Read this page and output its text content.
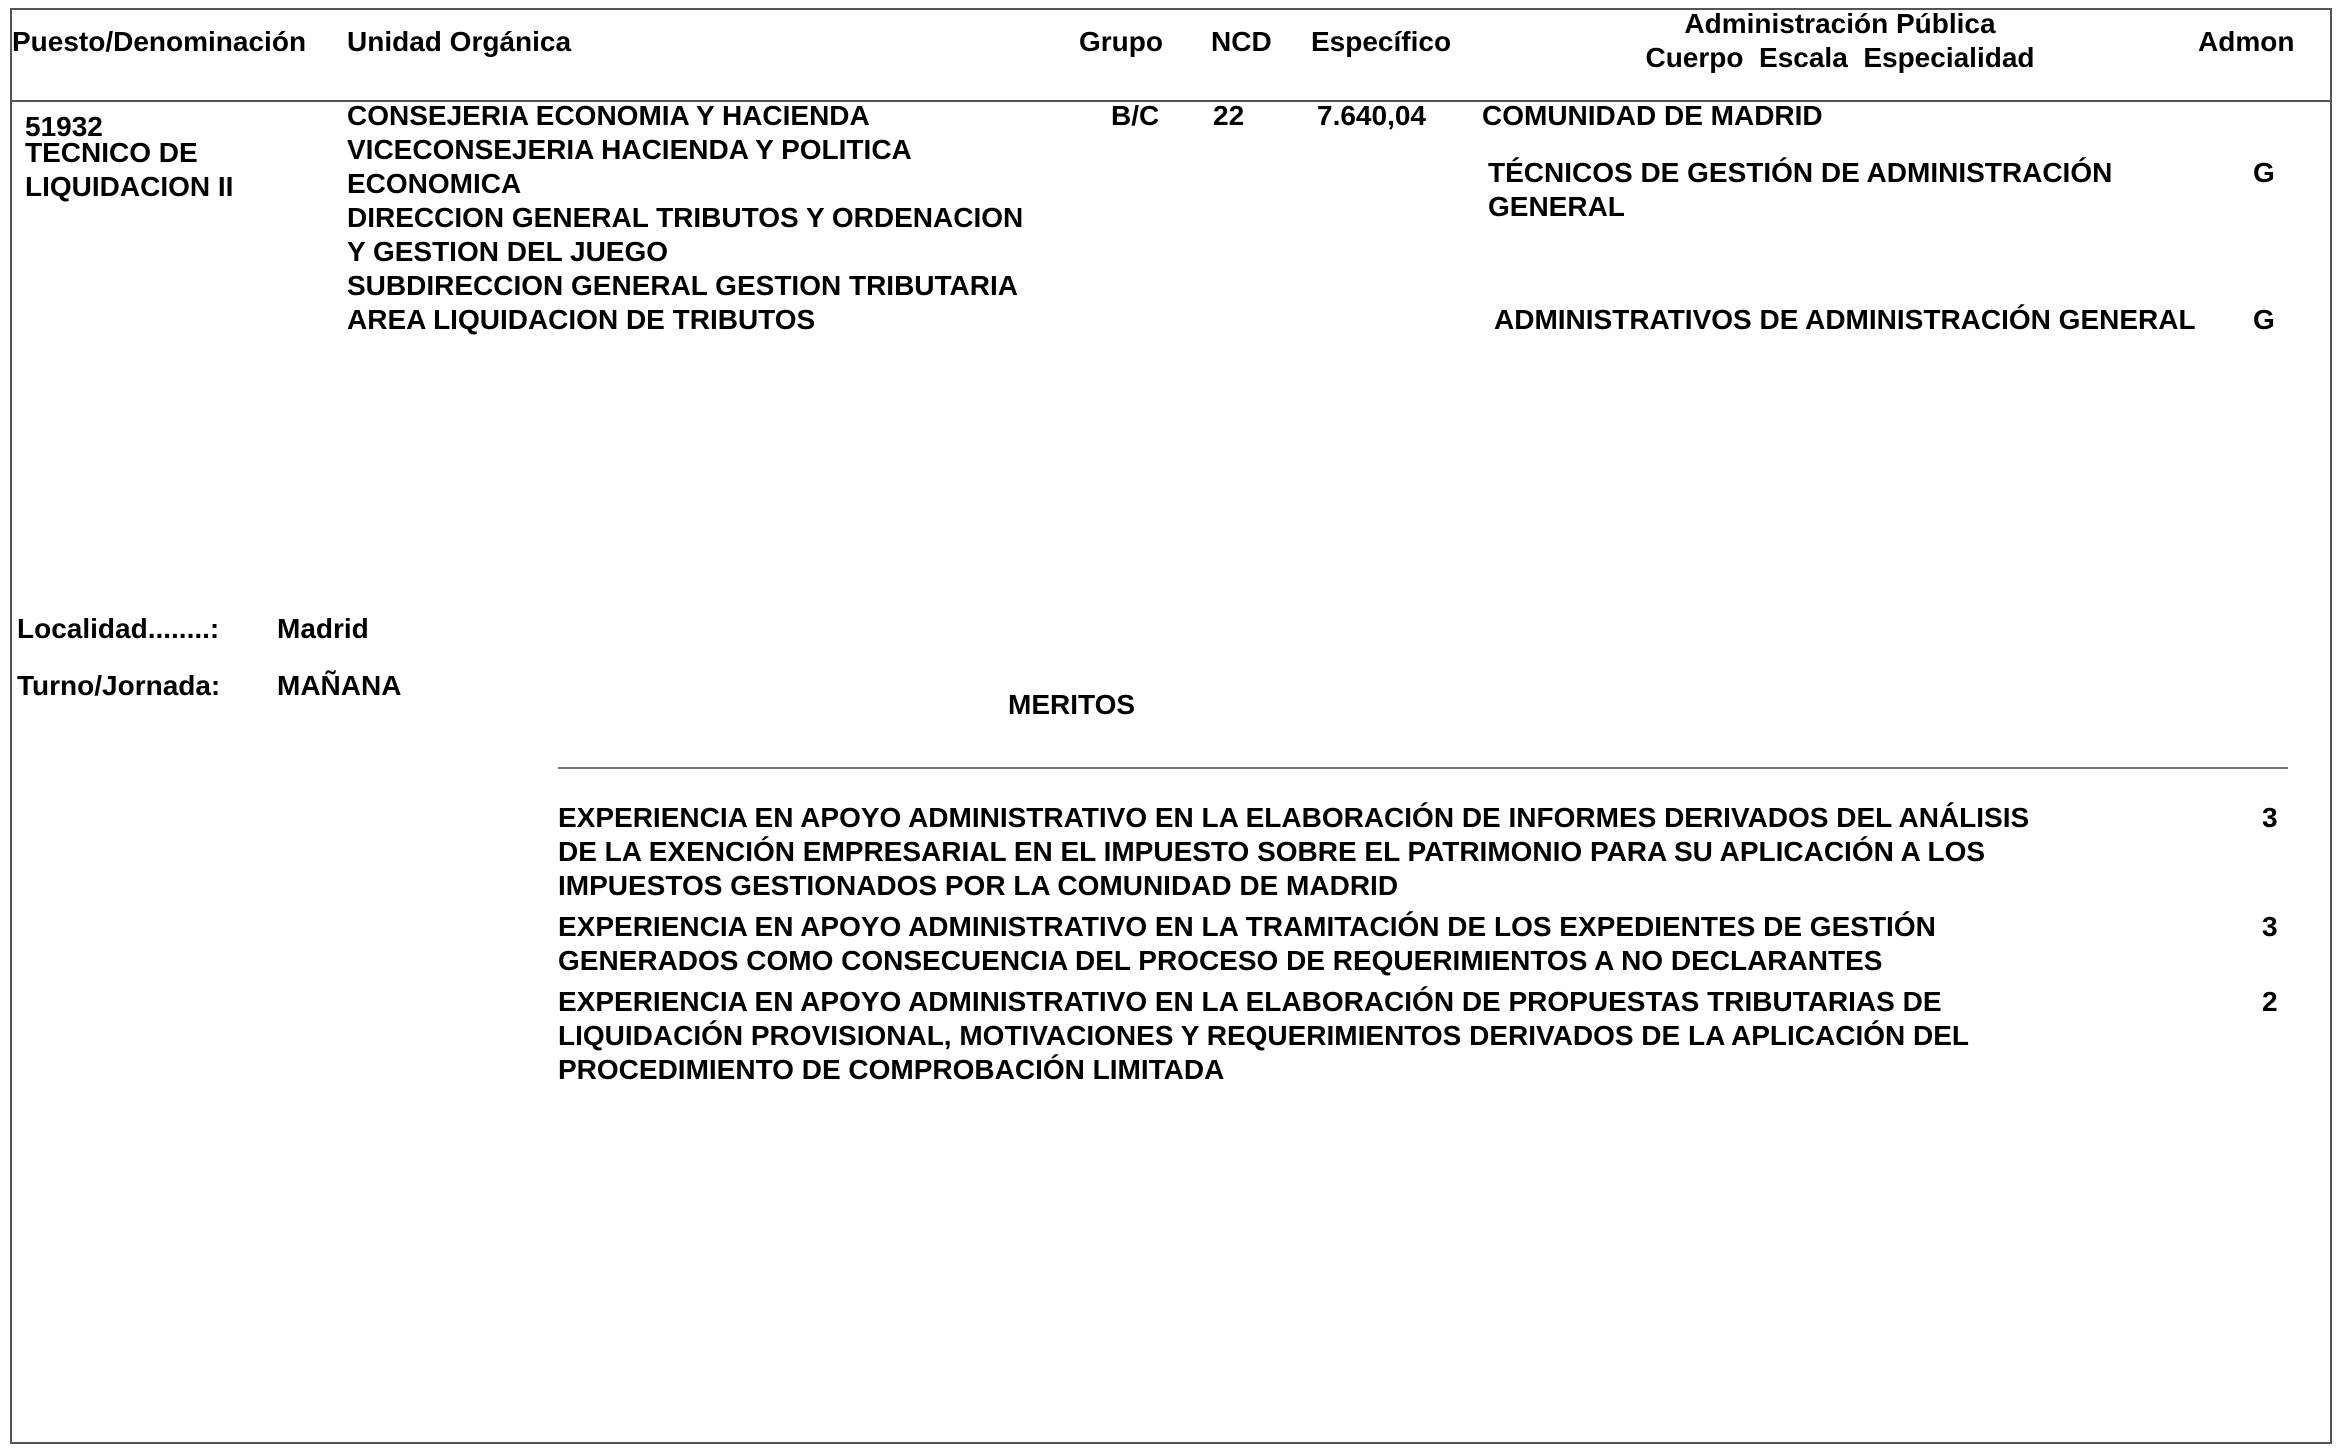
Puesto/Denominación Unidad Orgánica	Grupo NCD Específico
Administración Pública
Cuerpo  Escala  Especialidad
Admon
51932
TECNICO DE
LIQUIDACION II
CONSEJERIA ECONOMIA Y HACIENDA
VICECONSEJERIA HACIENDA Y POLITICA
ECONOMICA
DIRECCION GENERAL TRIBUTOS Y ORDENACION
Y GESTION DEL JUEGO
SUBDIRECCION GENERAL GESTION TRIBUTARIA
AREA LIQUIDACION DE TRIBUTOS
B/C 22	7.640,04 COMUNIDAD DE MADRID
TÉCNICOS DE GESTIÓN DE ADMINISTRACIÓN
GENERAL
G
ADMINISTRATIVOS DE ADMINISTRACIÓN GENERAL G
Localidad........: Madrid
Turno/Jornada: MAÑANA
MERITOS
EXPERIENCIA EN APOYO ADMINISTRATIVO EN LA ELABORACIÓN DE INFORMES DERIVADOS DEL ANÁLISIS
DE LA EXENCIÓN EMPRESARIAL EN EL IMPUESTO SOBRE EL PATRIMONIO PARA SU APLICACIÓN A LOS
IMPUESTOS GESTIONADOS POR LA COMUNIDAD DE MADRID
3
EXPERIENCIA EN APOYO ADMINISTRATIVO EN LA TRAMITACIÓN DE LOS EXPEDIENTES DE GESTIÓN
GENERADOS COMO CONSECUENCIA DEL PROCESO DE REQUERIMIENTOS A NO DECLARANTES
3
EXPERIENCIA EN APOYO ADMINISTRATIVO EN LA ELABORACIÓN DE PROPUESTAS TRIBUTARIAS DE
LIQUIDACIÓN PROVISIONAL, MOTIVACIONES Y REQUERIMIENTOS DERIVADOS DE LA APLICACIÓN DEL
PROCEDIMIENTO DE COMPROBACIÓN LIMITADA
2
